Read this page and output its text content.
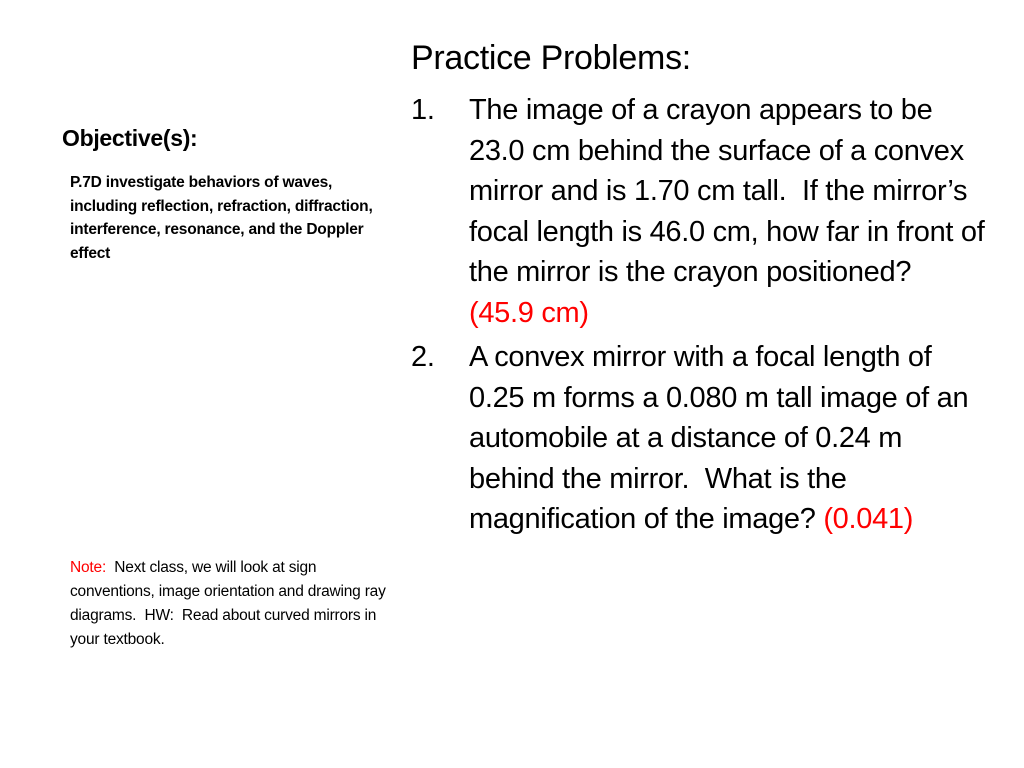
Objective(s):
P.7D investigate behaviors of waves, including reflection, refraction, diffraction, interference, resonance, and the Doppler effect
Note:  Next class, we will look at sign conventions, image orientation and drawing ray diagrams.  HW:  Read about curved mirrors in your textbook.
Practice Problems:
1. The image of a crayon appears to be 23.0 cm behind the surface of a convex mirror and is 1.70 cm tall.  If the mirror’s focal length is 46.0 cm, how far in front of the mirror is the crayon positioned?  (45.9 cm)
2. A convex mirror with a focal length of 0.25 m forms a 0.080 m tall image of an automobile at a distance of 0.24 m behind the mirror.  What is the magnification of the image? (0.041)
